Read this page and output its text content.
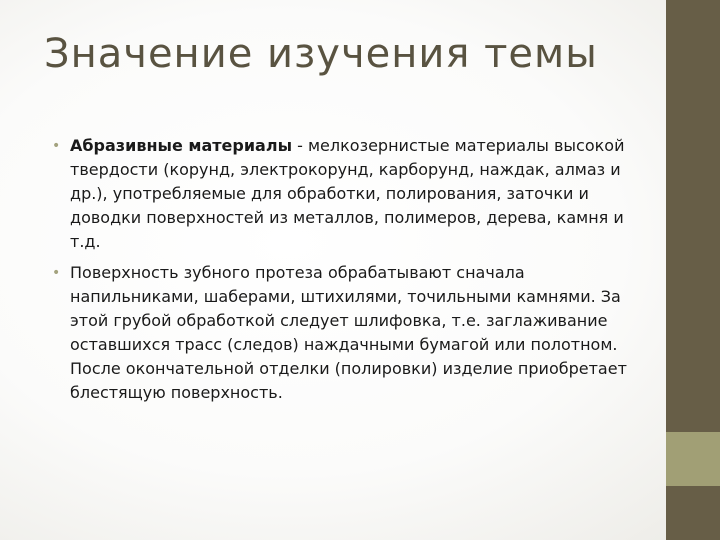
Значение изучения темы
• Абразивные материалы - мелкозернистые материалы высокой твердости (корунд, электрокорунд, карборунд, наждак, алмаз и др.), употребляемые для обработки, полирования, заточки и доводки поверхностей из металлов, полимеров, дерева, камня и т.д.
• Поверхность зубного протеза обрабатывают сначала напильниками, шаберами, штихилями, точильными камнями. За этой грубой обработкой следует шлифовка, т.е. заглаживание оставшихся трасс (следов) наждачными бумагой или полотном. После окончательной отделки (полировки) изделие приобретает блестящую поверхность.
